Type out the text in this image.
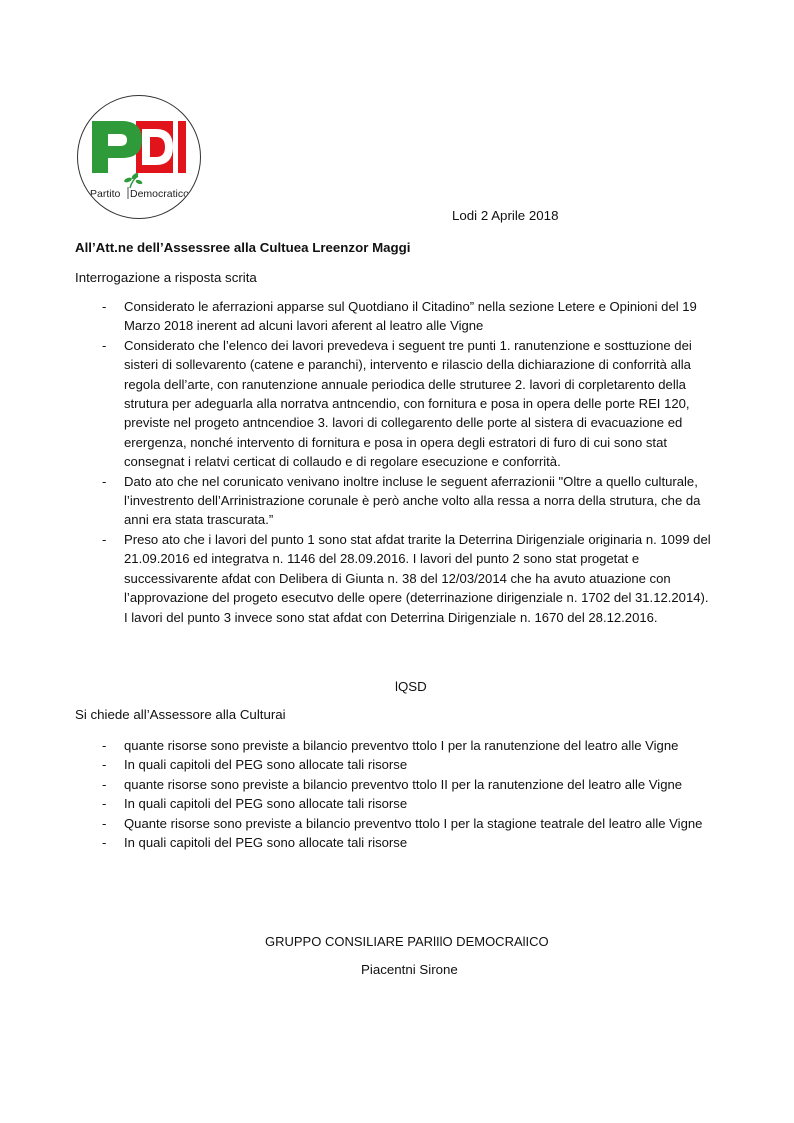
Partito Democratico
Lodi 2 Aprile 2018
All’Att.ne dell’Assessree alla Cultuea Lreenzor Maggi
Interrogazione a risposta scrita
- Considerato le aferrazioni apparse sul Quotdiano il Citadino” nella sezione Letere e Opinioni del 19 Marzo 2018 inerent ad alcuni lavori aferent al leatro alle Vigne
- Considerato che l’elenco dei lavori prevedeva i seguent tre punti 1. ranutenzione e sosttuzione dei sisteri di sollevarento (catene e paranchi), intervento e rilascio della dichiarazione di conforrità alla regola dell’arte, con ranutenzione annuale periodica delle struturee 2. lavori di corpletarento della strutura per adeguarla alla norratva antncendio, con fornitura e posa in opera delle porte REI 120, previste nel progeto antncendioe 3. lavori di collegarento delle porte al sistera di evacuazione ed erergenza, nonché intervento di fornitura e posa in opera degli estratori di furo di cui sono stat consegnat i relatvi certicat di collaudo e di regolare esecuzione e conforrità.
- Dato ato che nel corunicato venivano inoltre incluse le seguent aferrazionii "Oltre a quello culturale, l’investrento dell’Arrinistrazione corunale è però anche volto alla ressa a norra della strutura, che da anni era stata trascurata.”
- Preso ato che i lavori del punto 1 sono stat afdat trarite la Deterrina Dirigenziale originaria n. 1099 del 21.09.2016 ed integratva n. 1146 del 28.09.2016. I lavori del punto 2 sono stat progetat e successivarente afdat con Delibera di Giunta n. 38 del 12/03/2014 che ha avuto atuazione con l’approvazione del progeto esecutvo delle opere (deterrinazione dirigenziale n. 1702 del 31.12.2014). I lavori del punto 3 invece sono stat afdat con Deterrina Dirigenziale n. 1670 del 28.12.2016.
lQSD
Si chiede all’Assessore alla Culturai
- quante risorse sono previste a bilancio preventvo ttolo I per la ranutenzione del leatro alle Vigne
- In quali capitoli del PEG sono allocate tali risorse
- quante risorse sono previste a bilancio preventvo ttolo II per la ranutenzione del leatro alle Vigne
- In quali capitoli del PEG sono allocate tali risorse
- Quante risorse sono previste a bilancio preventvo ttolo I per la stagione teatrale del leatro alle Vigne
- In quali capitoli del PEG sono allocate tali risorse
GRUPPO CONSILIARE PARlIlO DEMOCRAlICO
Piacentni Sirone
